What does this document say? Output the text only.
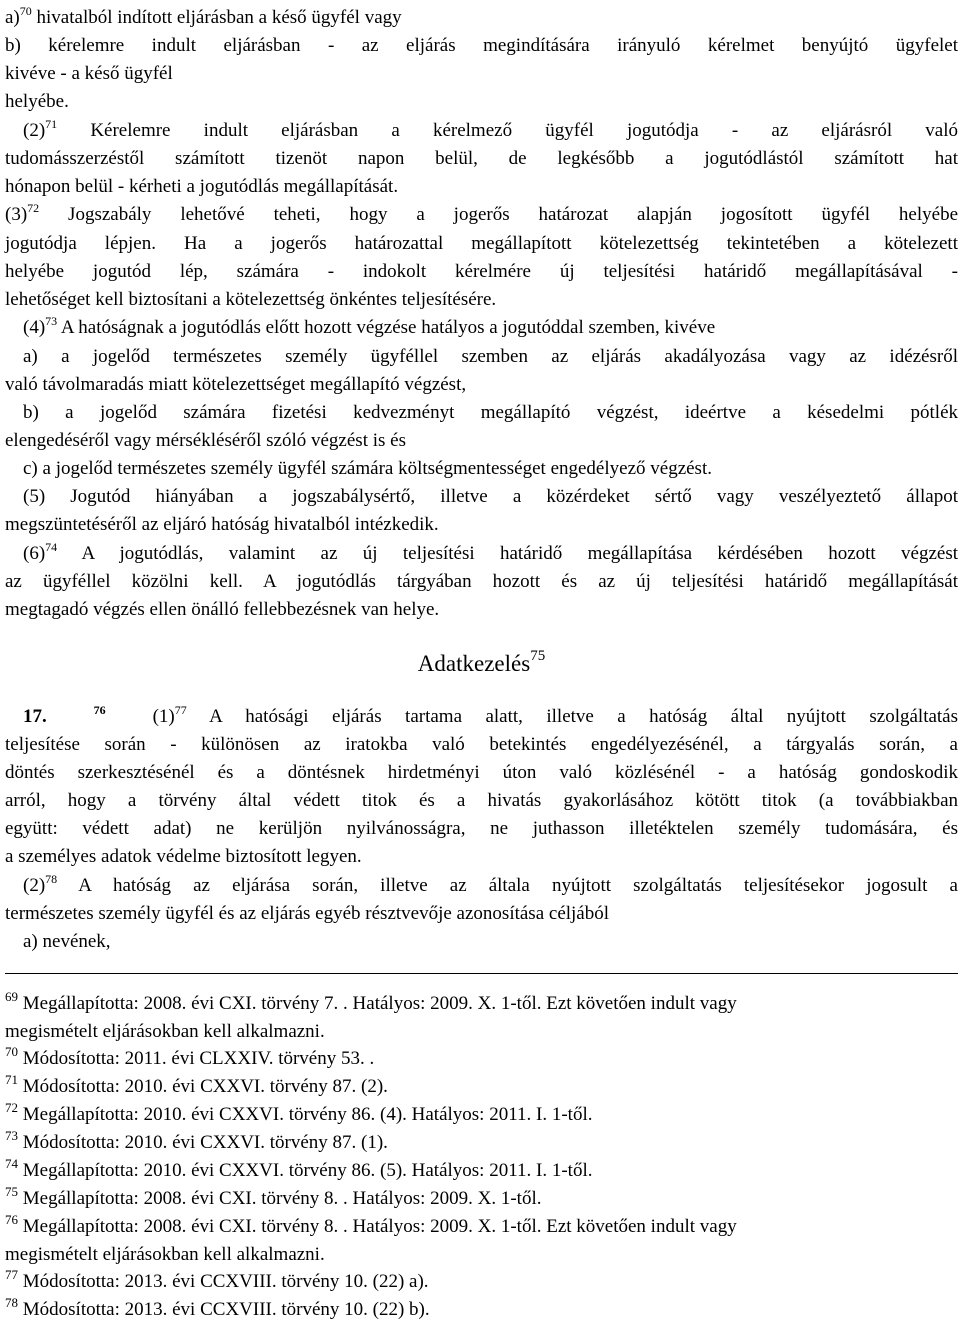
a)$^{70}$ hivatalból indított eljárásban a késő ügyfél vagy
b) kérelemre indult eljárásban - az eljárás megindítására irányuló kérelmet benyújtó ügyfelet
kivéve - a késő ügyfél
helyébe.
$(2)^{71}$ Kérelemre indult eljárásban a kérelmező ügyfél jogutódja - az eljárásról való
tudomásszerzéstől számított tizenöt napon belül, de legkésőbb a jogutódlástól számított hat
hónapon belül - kérheti a jogutódlás megállapítását.
$(3)^{72}$ Jogszabály lehetővé teheti, hogy a jogerős határozat alapján jogosított ügyfél helyébe
jogutódja lépjen. Ha a jogerős határozattal megállapított kötelezettség tekintetében a kötelezett
helyébe jogutód lép, számára - indokolt kérelmére új teljesítési határidő megállapításával -
lehetőséget kell biztosítani a kötelezettség önkéntes teljesítésére.
$(4)^{73}$ A hatóságnak a jogutódlás előtt hozott végzése hatályos a jogutóddal szemben, kivéve
a) a jogelőd természetes személy ügyféllel szemben az eljárás akadályozása vagy az idézésről
való távolmaradás miatt kötelezettséget megállapító végzést,
b) a jogelőd számára fizetési kedvezményt megállapító végzést, ideértve a késedelmi pótlék
elengedéséről vagy mérsékléséről szóló végzést is és
c) a jogelőd természetes személy ügyfél számára költségmentességet engedélyező végzést.
(5) Jogutód hiányában a jogszabálysértő, illetve a közérdeket sértő vagy veszélyeztető állapot
megszüntetéséről az eljáró hatóság hivatalból intézkedik.
$(6)^{74}$ A jogutódlás, valamint az új teljesítési határidő megállapítása kérdésében hozott végzést
az ügyféllel közölni kell. A jogutódlás tárgyában hozott és az új teljesítési határidő megállapítását
megtagadó végzés ellen önálló fellebbezésnek van helye.
Adatkezelés$^{75}$
17.	$^{76}$ $(1)^{77}$ A hatósági eljárás tartama alatt, illetve a hatóság által nyújtott szolgáltatás
teljesítése során - különösen az iratokba való betekintés engedélyezésénél, a tárgyalás során, a
döntés szerkesztésénél és a döntésnek hirdetményi úton való közlésénél - a hatóság gondoskodik
arról, hogy a törvény által védett titok és a hivatás gyakorlásához kötött titok (a továbbiakban
együtt: védett adat) ne kerüljön nyilvánosságra, ne juthasson illetéktelen személy tudomására, és
a személyes adatok védelme biztosított legyen.
$(2)^{78}$ A hatóság az eljárása során, illetve az általa nyújtott szolgáltatás teljesítésekor jogosult a
természetes személy ügyfél és az eljárás egyéb résztvevője azonosítása céljából
a) nevének,
$^{69}$ Megállapította: 2008. évi CXI. törvény 7. . Hatályos: 2009. X. 1-től. Ezt követően indult vagy
megismételt eljárásokban kell alkalmazni.
$^{70}$ Módosította: 2011. évi CLXXIV. törvény 53. .
$^{71}$ Módosította: 2010. évi CXXVI. törvény 87. (2).
$^{72}$ Megállapította: 2010. évi CXXVI. törvény 86. (4). Hatályos: 2011. I. 1-től.
$^{73}$ Módosította: 2010. évi CXXVI. törvény 87. (1).
$^{74}$ Megállapította: 2010. évi CXXVI. törvény 86. (5). Hatályos: 2011. I. 1-től.
$^{75}$ Megállapította: 2008. évi CXI. törvény 8. . Hatályos: 2009. X. 1-től.
$^{76}$ Megállapította: 2008. évi CXI. törvény 8. . Hatályos: 2009. X. 1-től. Ezt követően indult vagy
megismételt eljárásokban kell alkalmazni.
$^{77}$ Módosította: 2013. évi CCXVIII. törvény 10. (22) a).
$^{78}$ Módosította: 2013. évi CCXVIII. törvény 10. (22) b).
